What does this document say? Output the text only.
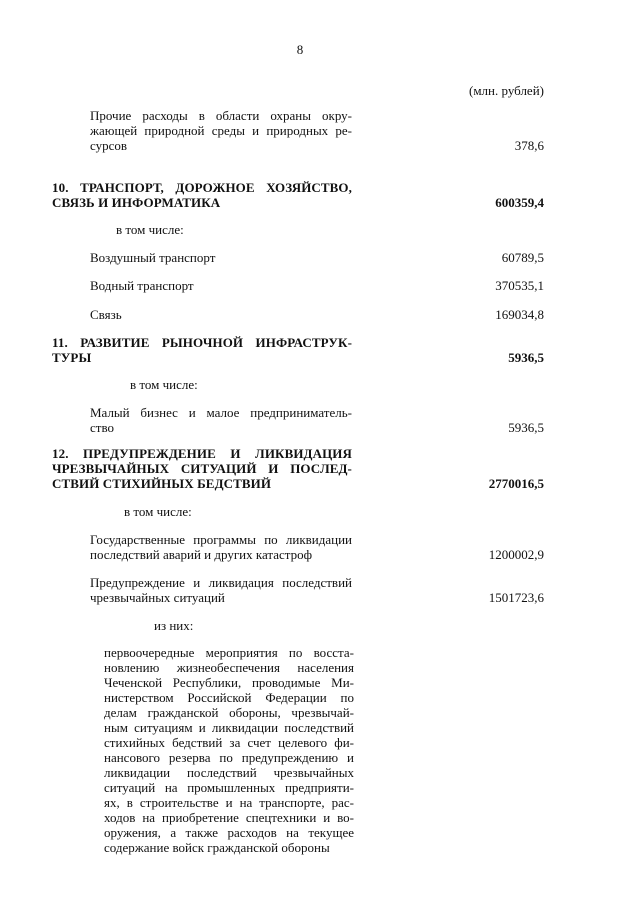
8
(млн. рублей)
Прочие расходы в области охраны окру-
жающей природной среды и природных ре-
сурсов	378,6
10. ТРАНСПОРТ, ДОРОЖНОЕ ХОЗЯЙСТВО,
СВЯЗЬ И ИНФОРМАТИКА	600359,4
в том числе:
Воздушный транспорт	60789,5
Водный транспорт	370535,1
Связь	169034,8
11. РАЗВИТИЕ РЫНОЧНОЙ ИНФРАСТРУК-
ТУРЫ	5936,5
в том числе:
Малый бизнес и малое предприниматель-
ство	5936,5
12. ПРЕДУПРЕЖДЕНИЕ И ЛИКВИДАЦИЯ
ЧРЕЗВЫЧАЙНЫХ СИТУАЦИЙ И ПОСЛЕД-
СТВИЙ СТИХИЙНЫХ БЕДСТВИЙ	2770016,5
в том числе:
Государственные программы по ликвидации
последствий аварий и других катастроф	1200002,9
Предупреждение и ликвидация последствий
чрезвычайных ситуаций	1501723,6
из них:
первоочередные мероприятия по восста-
новлению жизнеобеспечения населения
Чеченской Республики, проводимые Ми-
нистерством Российской Федерации по
делам гражданской обороны, чрезвычай-
ным ситуациям и ликвидации последствий
стихийных бедствий за счет целевого фи-
нансового резерва по предупреждению и
ликвидации последствий чрезвычайных
ситуаций на промышленных предприяти-
ях, в строительстве и на транспорте, рас-
ходов на приобретение спецтехники и во-
оружения, а также расходов на текущее
содержание войск гражданской обороны
